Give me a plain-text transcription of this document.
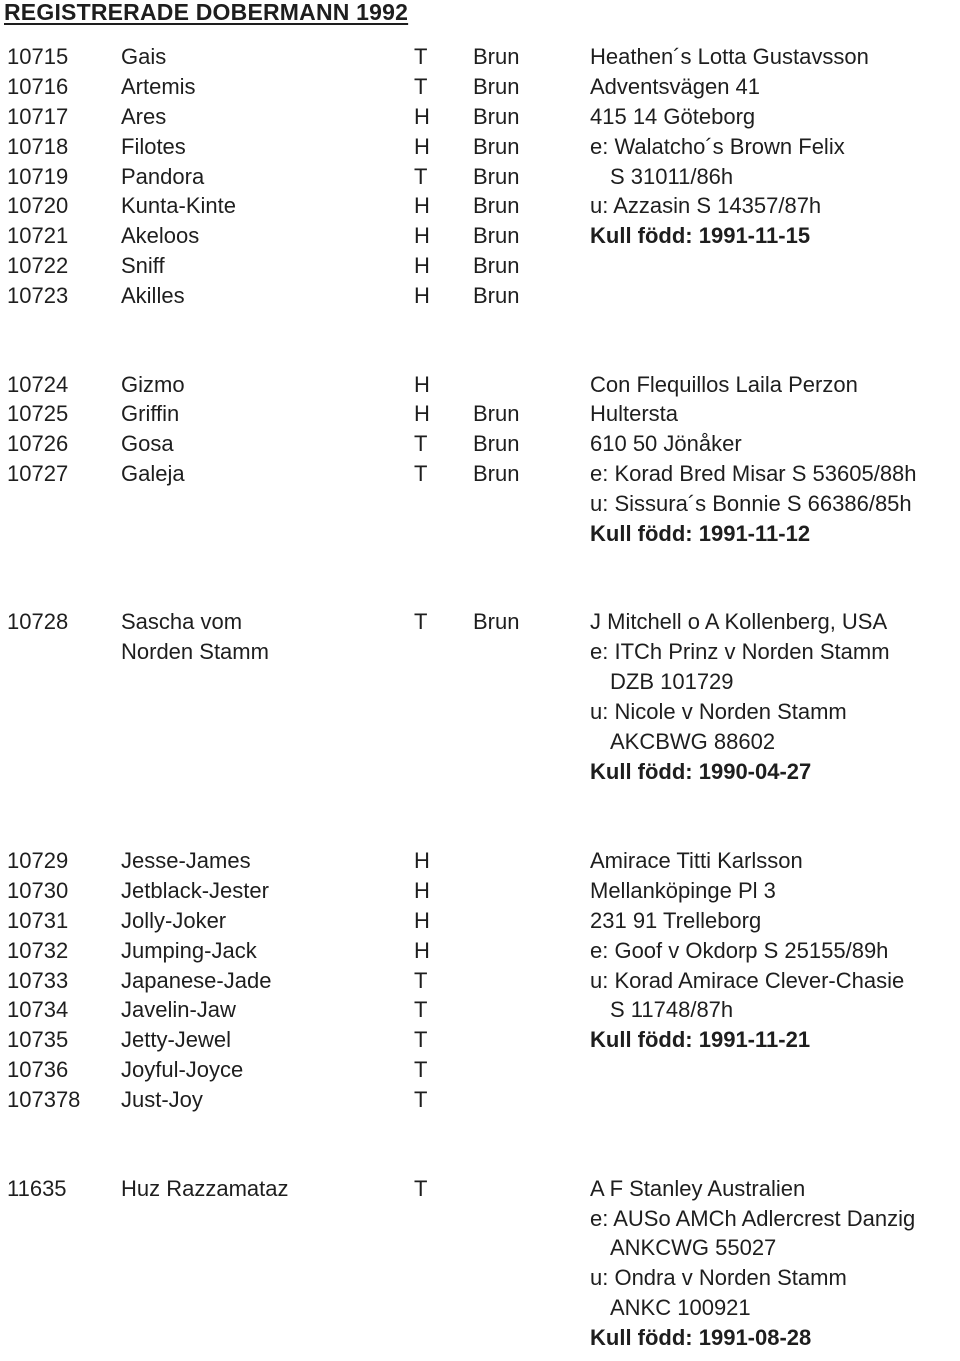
REGISTRERADE DOBERMANN 1992
10715 Gais	T Brun	Heathen´s Lotta Gustavsson
10716 Artemis	T Brun	Adventsvägen 41
10717 Ares	H Brun	415 14 Göteborg
10718 Filotes	H Brun	e: Walatcho´s Brown Felix
10719 Pandora	T Brun	S 31011/86h
10720 Kunta-Kinte	H Brun	u: Azzasin S 14357/87h
10721 Akeloos	H Brun	Kull född: 1991-11-15
10722 Sniff	H Brun
10723 Akilles	H Brun
10724 Gizmo	H	Con Flequillos Laila Perzon
10725 Griffin	H Brun	Hultersta
10726 Gosa	T Brun	610 50 Jönåker
10727 Galeja	T Brun	e: Korad Bred Misar S 53605/88h
u: Sissura´s Bonnie S 66386/85h
Kull född: 1991-11-12
10728 Sascha vom	T Brun	J Mitchell o A Kollenberg, USA
Norden Stamm	e: ITCh Prinz v Norden Stamm
DZB 101729
u: Nicole v Norden Stamm
AKCBWG 88602
Kull född: 1990-04-27
10729 Jesse-James	H	Amirace Titti Karlsson
10730 Jetblack-Jester	H	Mellanköpinge Pl 3
10731 Jolly-Joker	H	231 91 Trelleborg
10732 Jumping-Jack	H	e: Goof v Okdorp S 25155/89h
10733 Japanese-Jade	T	u: Korad Amirace Clever-Chasie
10734 Javelin-Jaw	T	S 11748/87h
10735 Jetty-Jewel	T	Kull född: 1991-11-21
10736 Joyful-Joyce	T
107378 Just-Joy	T
11635 Huz Razzamataz	T	A F Stanley Australien
e: AUSo AMCh Adlercrest Danzig
ANKCWG 55027
u: Ondra v Norden Stamm
ANKC 100921
Kull född: 1991-08-28
